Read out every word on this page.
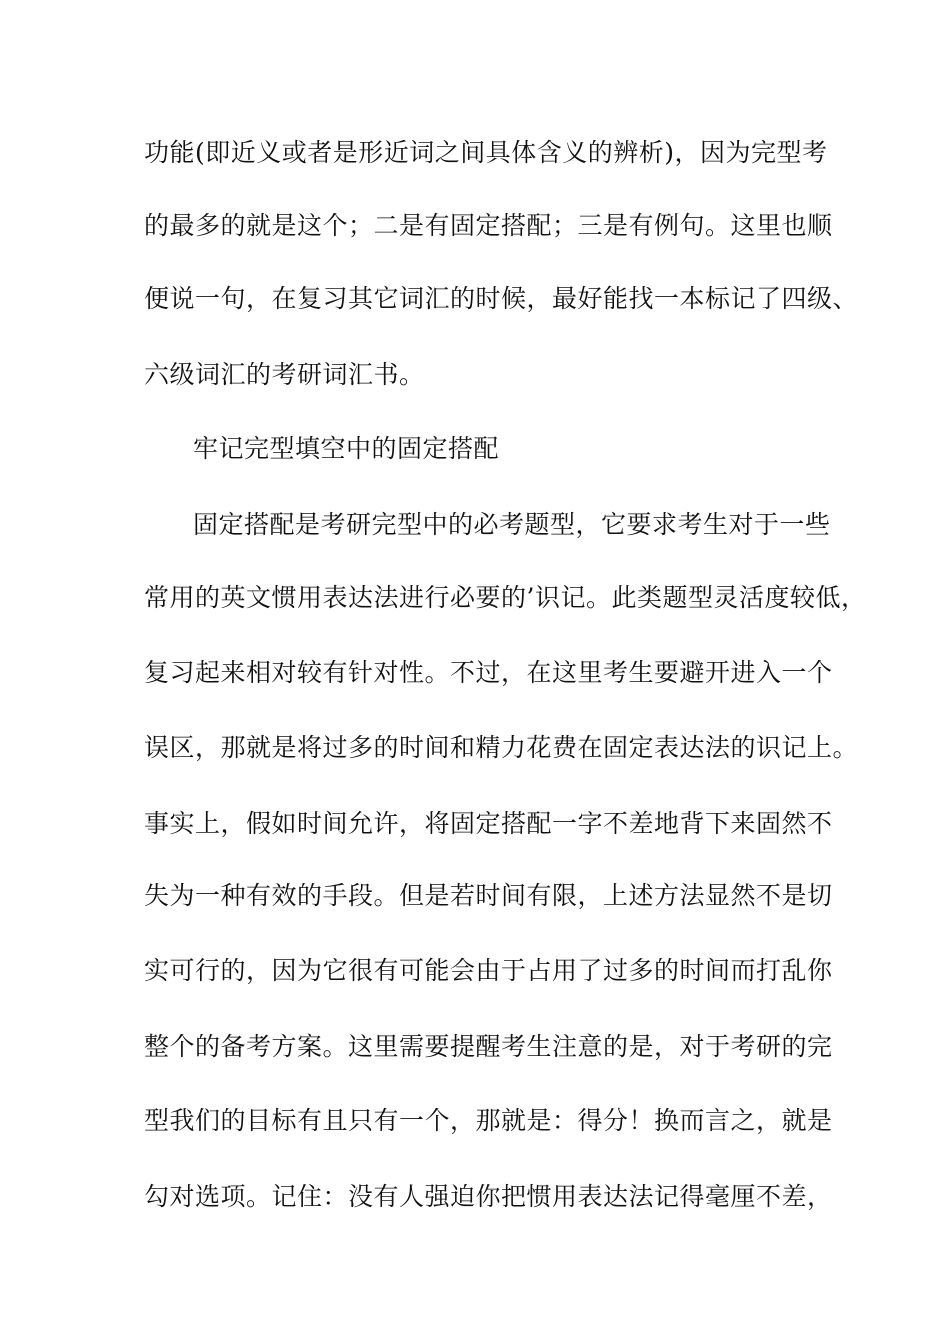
功能(即近义或者是形近词之间具体含义的辨析)，因为完型考
的最多的就是这个；二是有固定搭配；三是有例句。这里也顺
便说一句，在复习其它词汇的时候，最好能找一本标记了四级、
六级词汇的考研词汇书。
牢记完型填空中的固定搭配
固定搭配是考研完型中的必考题型，它要求考生对于一些
常用的英文惯用表达法进行必要的’识记。此类题型灵活度较低，
复习起来相对较有针对性。不过，在这里考生要避开进入一个
误区，那就是将过多的时间和精力花费在固定表达法的识记上。
事实上，假如时间允许，将固定搭配一字不差地背下来固然不
失为一种有效的手段。但是若时间有限，上述方法显然不是切
实可行的，因为它很有可能会由于占用了过多的时间而打乱你
整个的备考方案。这里需要提醒考生注意的是，对于考研的完
型我们的目标有且只有一个，那就是：得分！换而言之，就是
勾对选项。记住：没有人强迫你把惯用表达法记得毫厘不差，
